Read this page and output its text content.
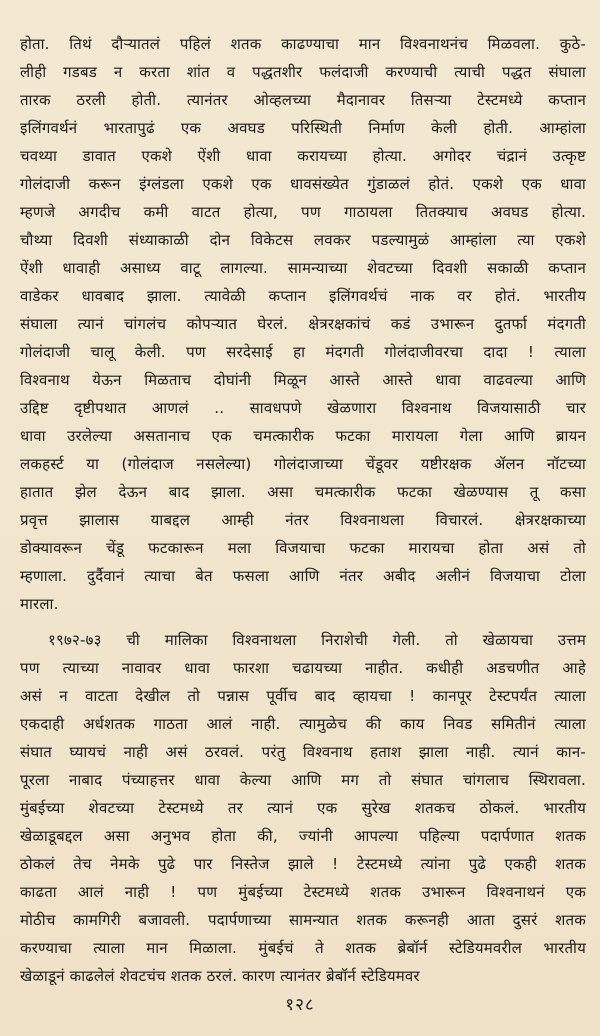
होता. तिथं दौऱ्यातलं पहिलं शतक काढण्याचा मान विश्वनाथनंच मिळवला. कुठे-
लीही गडबड न करता शांत व पद्धतशीर फलंदाजी करण्याची त्याची पद्धत संघाला
तारक ठरली होती. त्यानंतर ओव्हलच्या मैदानावर तिसऱ्या टेस्टमध्ये कप्तान
इलिंगवर्थनं भारतापुढं एक अवघड परिस्थिती निर्माण केली होती. आम्हांला
चवथ्या डावात एकशे ऐंशी धावा करायच्या होत्या. अगोदर चंद्रानं उत्कृष्ट
गोलंदाजी करून इंग्लंडला एकशे एक धावसंख्येत गुंडाळलं होतं. एकशे एक धावा
म्हणजे अगदीच कमी वाटत होत्या, पण गाठायला तितक्याच अवघड होत्या.
चौथ्या दिवशी संध्याकाळी दोन विकेटस लवकर पडल्यामुळं आम्हांला त्या एकशे
ऐंशी धावाही असाध्य वाटू लागल्या. सामन्याच्या शेवटच्या दिवशी सकाळी कप्तान
वाडेकर धावबाद झाला. त्यावेळी कप्तान इलिंगवर्थचं नाक वर होतं. भारतीय
संघाला त्यानं चांगलंच कोपऱ्यात घेरलं. क्षेत्ररक्षकांचं कडं उभारून दुतर्फा मंदगती
गोलंदाजी चालू केली. पण सरदेसाई हा मंदगती गोलंदाजीवरचा दादा ! त्याला
विश्वनाथ येऊन मिळताच दोघांनी मिळून आस्ते आस्ते धावा वाढवल्या आणि
उद्दिष्ट दृष्टीपथात आणलं .. सावधपणे खेळणारा विश्वनाथ विजयासाठी चार
धावा उरलेल्या असतानाच एक चमत्कारीक फटका मारायला गेला आणि ब्रायन
लकहर्स्ट या (गोलंदाज नसलेल्या) गोलंदाजाच्या चेंडूवर यष्टीरक्षक ॲलन नॉटच्या
हातात झेल देऊन बाद झाला. असा चमत्कारीक फटका खेळण्यास तू कसा
प्रवृत्त झालास याबद्दल आम्ही नंतर विश्वनाथला विचारलं. क्षेत्ररक्षकाच्या
डोक्यावरून चेंडू फटकारून मला विजयाचा फटका मारायचा होता असं तो
म्हणाला. दुर्दैवानं त्याचा बेत फसला आणि नंतर अबीद अलीनं विजयाचा टोला
मारला.

१९७२-७३ ची मालिका विश्वनाथला निराशेची गेली. तो खेळायचा उत्तम
पण त्याच्या नावावर धावा फारशा चढायच्या नाहीत. कधीही अडचणीत आहे
असं न वाटता देखील तो पन्नास पूर्वीच बाद व्हायचा ! कानपूर टेस्टपर्यंत त्याला
एकदाही अर्धशतक गाठता आलं नाही. त्यामुळेच की काय निवड समितीनं त्याला
संघात घ्यायचं नाही असं ठरवलं. परंतु विश्वनाथ हताश झाला नाही. त्यानं कान-
पूरला नाबाद पंच्याहत्तर धावा केल्या आणि मग तो संघात चांगलाच स्थिरावला.
मुंबईच्या शेवटच्या टेस्टमध्ये तर त्यानं एक सुरेख शतकच ठोकलं. भारतीय
खेळाडूबद्दल असा अनुभव होता की, ज्यांनी आपल्या पहिल्या पदार्पणात शतक
ठोकलं तेच नेमके पुढे पार निस्तेज झाले ! टेस्टमध्ये त्यांना पुढे एकही शतक
काढता आलं नाही ! पण मुंबईच्या टेस्टमध्ये शतक उभारून विश्वनाथनं एक
मोठीच कामगिरी बजावली. पदार्पणाच्या सामन्यात शतक करूनही आता दुसरं शतक
करण्याचा त्याला मान मिळाला. मुंबईचं ते शतक ब्रेबॉर्न स्टेडियमवरील भारतीय
खेळाडूनं काढलेलं शेवटचंच शतक ठरलं. कारण त्यानंतर ब्रेबॉर्न स्टेडियमवर

१२८
